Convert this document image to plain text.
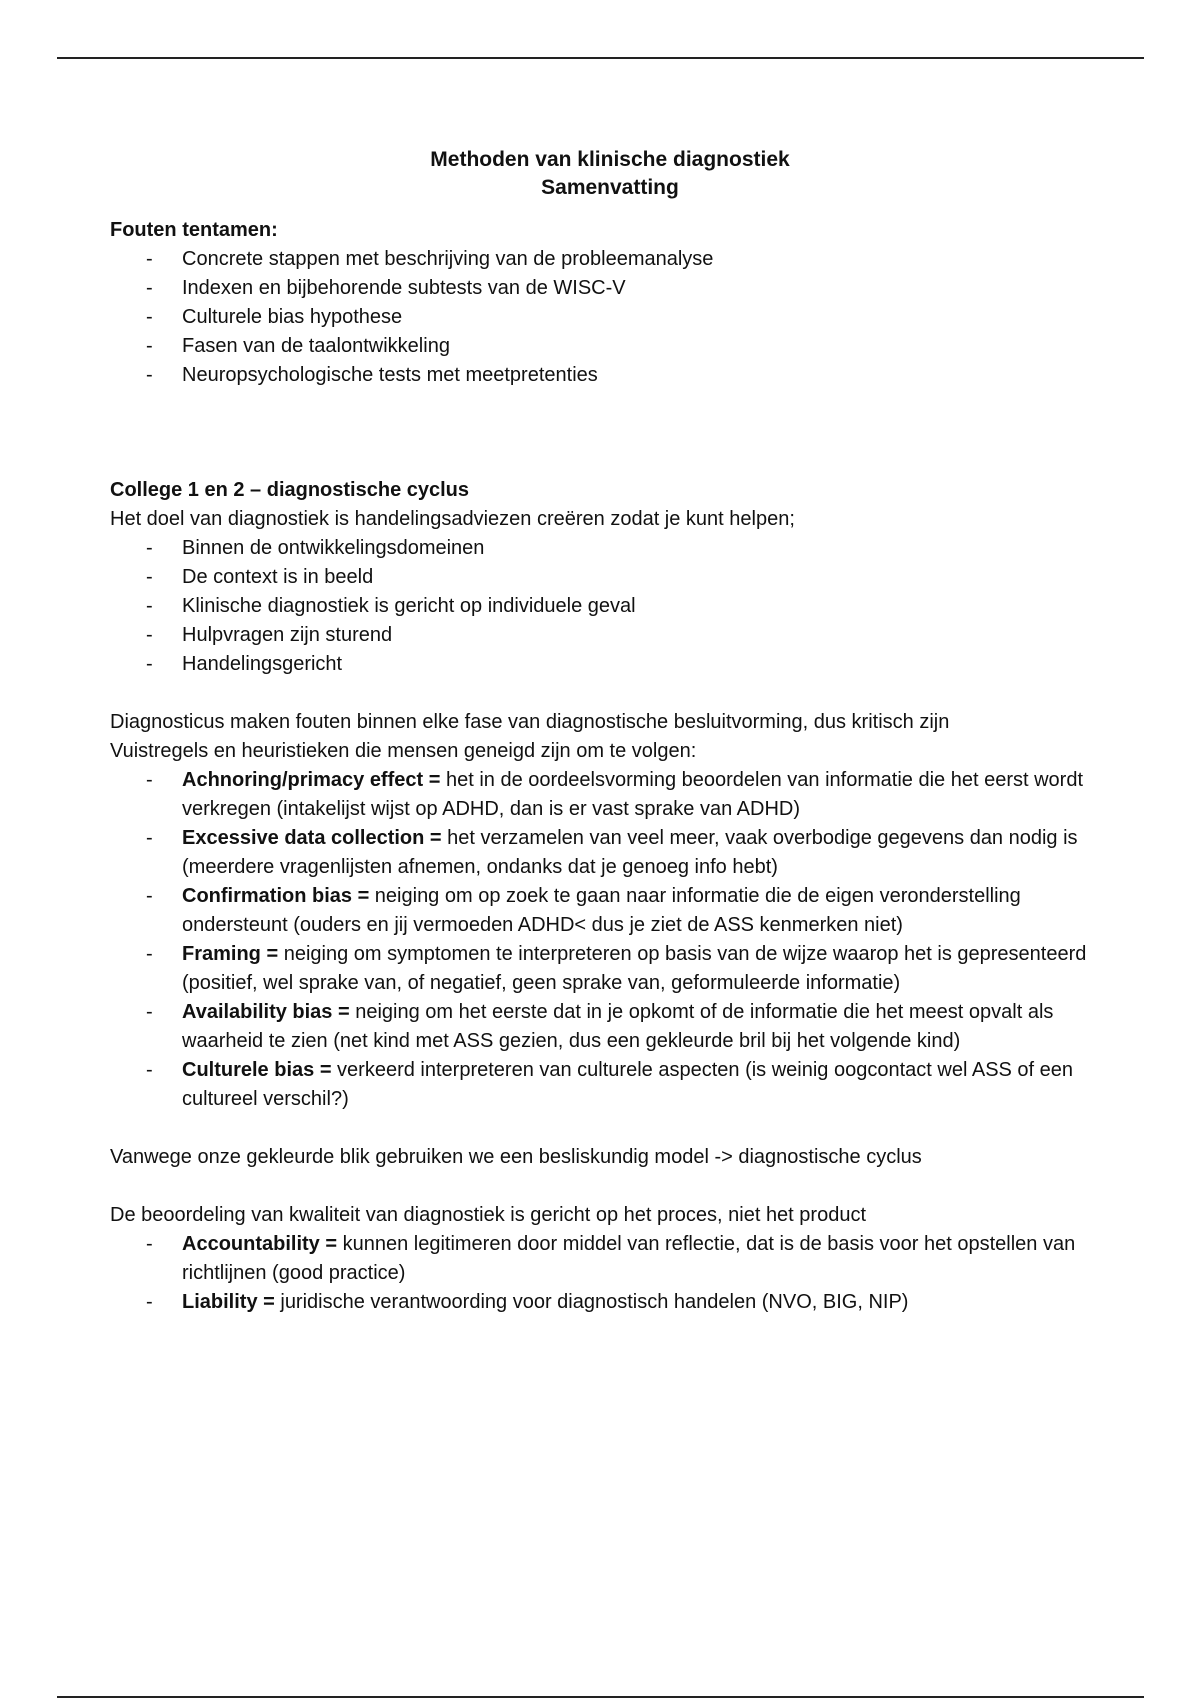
Methoden van klinische diagnostiek
Samenvatting

Fouten tentamen:

- Concrete stappen met beschrijving van de probleemanalyse
- Indexen en bijbehorende subtests van de WISC-V
- Culturele bias hypothese
- Fasen van de taalontwikkeling
- Neuropsychologische tests met meetpretenties

College 1 en 2 – diagnostische cyclus

Het doel van diagnostiek is handelingsadviezen creëren zodat je kunt helpen;

- Binnen de ontwikkelingsdomeinen
- De context is in beeld
- Klinische diagnostiek is gericht op individuele geval
- Hulpvragen zijn sturend
- Handelingsgericht

Diagnosticus maken fouten binnen elke fase van diagnostische besluitvorming, dus kritisch zijn

Vuistregels en heuristieken die mensen geneigd zijn om te volgen:

- Achnoring/primacy effect = het in de oordeelsvorming beoordelen van informatie die het eerst wordt verkregen (intakelijst wijst op ADHD, dan is er vast sprake van ADHD)
- Excessive data collection = het verzamelen van veel meer, vaak overbodige gegevens dan nodig is (meerdere vragenlijsten afnemen, ondanks dat je genoeg info hebt)
- Confirmation bias = neiging om op zoek te gaan naar informatie die de eigen veronderstelling ondersteunt (ouders en jij vermoeden ADHD< dus je ziet de ASS kenmerken niet)
- Framing = neiging om symptomen te interpreteren op basis van de wijze waarop het is gepresenteerd (positief, wel sprake van, of negatief, geen sprake van, geformuleerde informatie)
- Availability bias = neiging om het eerste dat in je opkomt of de informatie die het meest opvalt als waarheid te zien (net kind met ASS gezien, dus een gekleurde bril bij het volgende kind)
- Culturele bias = verkeerd interpreteren van culturele aspecten (is weinig oogcontact wel ASS of een cultureel verschil?)

Vanwege onze gekleurde blik gebruiken we een besliskundig model -> diagnostische cyclus

De beoordeling van kwaliteit van diagnostiek is gericht op het proces, niet het product

- Accountability = kunnen legitimeren door middel van reflectie, dat is de basis voor het opstellen van richtlijnen (good practice)
- Liability = juridische verantwoording voor diagnostisch handelen (NVO, BIG, NIP)
